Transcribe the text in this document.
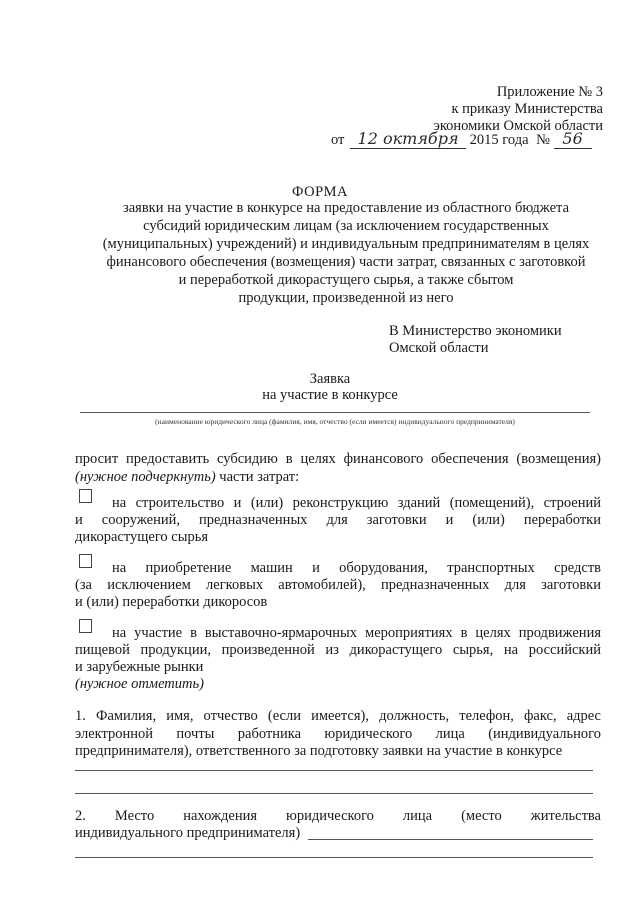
Приложение № 3
к приказу Министерства
экономики Омской области
от 12 октября 2015 года № 56
ФОРМА
заявки на участие в конкурсе на предоставление из областного бюджета
субсидий юридическим лицам (за исключением государственных
(муниципальных) учреждений) и индивидуальным предпринимателям в целях
финансового обеспечения (возмещения) части затрат, связанных с заготовкой
и переработкой дикорастущего сырья, а также сбытом
продукции, произведенной из него
В Министерство экономики
Омской области
Заявка
на участие в конкурсе
(наименование юридического лица (фамилия, имя, отчество (если имеется) индивидуального предпринимателя)
просит предоставить субсидию в целях финансового обеспечения (возмещения)
(нужное подчеркнуть) части затрат:
на строительство и (или) реконструкцию зданий (помещений), строений
и сооружений, предназначенных для заготовки и (или) переработки
дикорастущего сырья
на приобретение машин и оборудования, транспортных средств
(за исключением легковых автомобилей), предназначенных для заготовки
и (или) переработки дикоросов
на участие в выставочно-ярмарочных мероприятиях в целях продвижения
пищевой продукции, произведенной из дикорастущего сырья, на российский
и зарубежные рынки
(нужное отметить)
1. Фамилия, имя, отчество (если имеется), должность, телефон, факс, адрес
электронной почты работника юридического лица (индивидуального
предпринимателя), ответственного за подготовку заявки на участие в конкурсе
2. Место нахождения юридического лица (место жительства
индивидуального предпринимателя)
